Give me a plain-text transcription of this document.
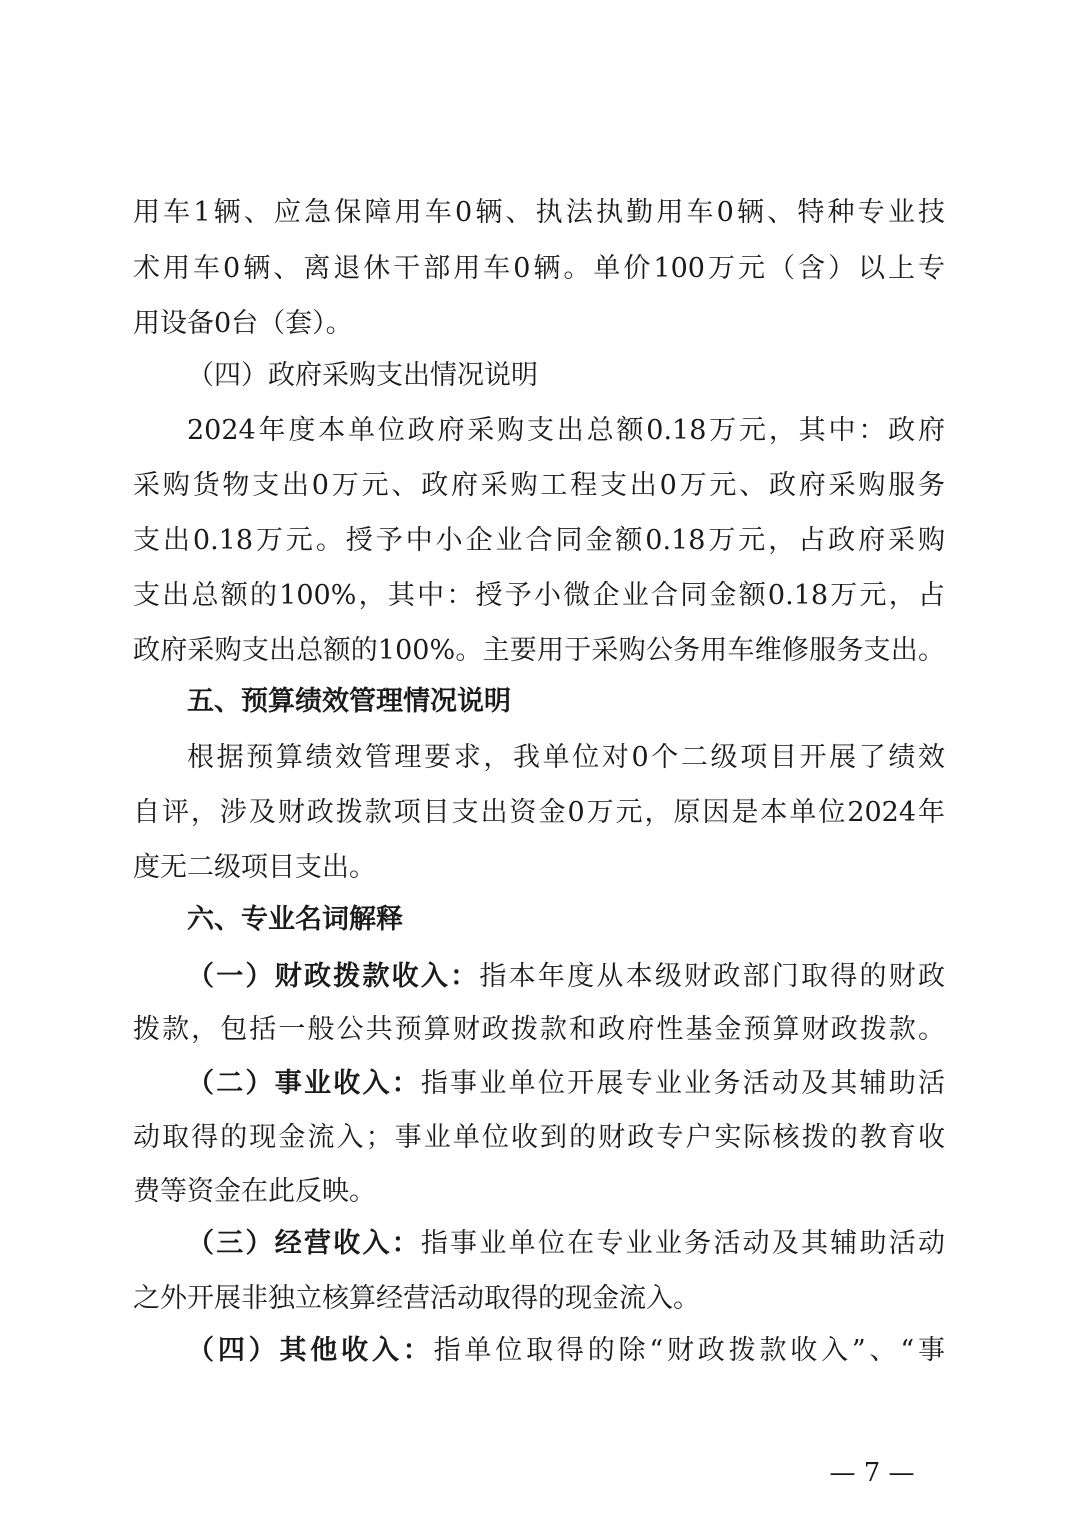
用车1辆、应急保障用车0辆、执法执勤用车0辆、特种专业技
术用车0辆、离退休干部用车0辆。单价100万元（含）以上专
用设备0台（套）。
（四）政府采购支出情况说明
2024年度本单位政府采购支出总额0.18万元，其中：政府
采购货物支出0万元、政府采购工程支出0万元、政府采购服务
支出0.18万元。授予中小企业合同金额0.18万元，占政府采购
支出总额的100%，其中：授予小微企业合同金额0.18万元，占
政府采购支出总额的100%。主要用于采购公务用车维修服务支出。
五、预算绩效管理情况说明
根据预算绩效管理要求，我单位对0个二级项目开展了绩效
自评，涉及财政拨款项目支出资金0万元，原因是本单位2024年
度无二级项目支出。
六、专业名词解释
（一）财政拨款收入：指本年度从本级财政部门取得的财政
拨款，包括一般公共预算财政拨款和政府性基金预算财政拨款。
（二）事业收入：指事业单位开展专业业务活动及其辅助活
动取得的现金流入；事业单位收到的财政专户实际核拨的教育收
费等资金在此反映。
（三）经营收入：指事业单位在专业业务活动及其辅助活动
之外开展非独立核算经营活动取得的现金流入。
（四）其他收入：指单位取得的除“财政拨款收入”、“事
— 7 —
